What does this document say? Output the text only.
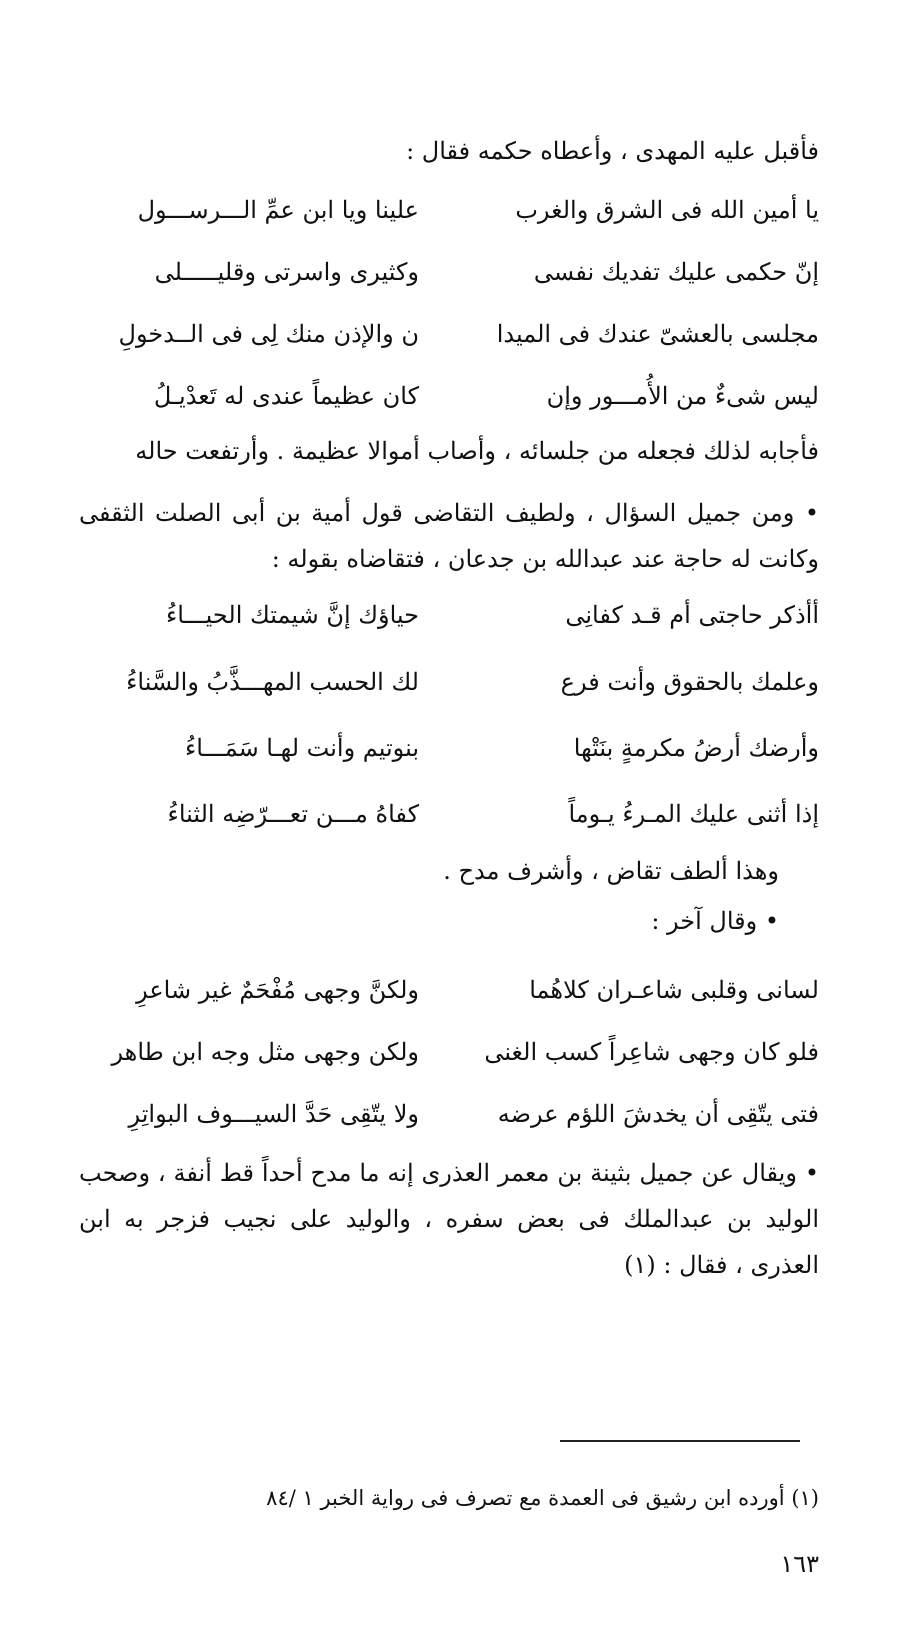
فأقبل عليه المهدى ، وأعطاه حكمه فقال :
يا أمين الله فى الشرق والغرب
علينا ويا ابن عمِّ الـــرســـول
إنّ حكمى عليك تفديك نفسى
وكثيرى واسرتى وقليـــــلى
مجلسى بالعشىّ عندك فى الميدا
ن والإذن منك لِى فى الــدخولِ
ليس شىءٌ من الأُمـــور وإن
كان عظيماً عندى له تَعدْيـلُ
فأجابه لذلك فجعله من جلسائه ، وأصاب أموالا عظيمة . وأرتفعت حاله
• ومن جميل السؤال ، ولطيف التقاضى قول أمية بن أبى الصلت الثقفى وكانت له حاجة عند عبدالله بن جدعان ، فتقاضاه بقوله :
أأذكر حاجتى أم قـد كفانِى
حياؤك إنَّ شيمتك الحيـــاءُ
وعلمك بالحقوق وأنت فرع
لك الحسب المهـــذَّبُ والسَّناءُ
وأرضك أرضُ مكرمةٍ بنَتْها
بنوتيم وأنت لهـا سَمَـــاءُ
إذا أثنى عليك المـرءُ يـوماً
كفاهُ مـــن تعـــرّضِه الثناءُ
وهذا ألطف تقاض ، وأشرف مدح .
• وقال آخر :
لسانى وقلبى شاعـران كلاهُما
ولكنَّ وجهى مُفْحَمٌ غير شاعرِ
فلو كان وجهى شاعِراً كسب الغنى
ولكن وجهى مثل وجه ابن طاهر
فتى يتّقِى أن يخدشَ اللؤم عرضه
ولا يتّقِى حَدَّ السيـــوف البواتِرِ
• ويقال عن جميل بثينة بن معمر العذرى إنه ما مدح أحداً قط أنفة ، وصحب الوليد بن عبدالملك فى بعض سفره ، والوليد على نجيب فزجر به ابن العذرى ، فقال : (١)
(١) أورده ابن رشيق فى العمدة مع تصرف فى رواية الخبر ١ /٨٤
١٦٣
